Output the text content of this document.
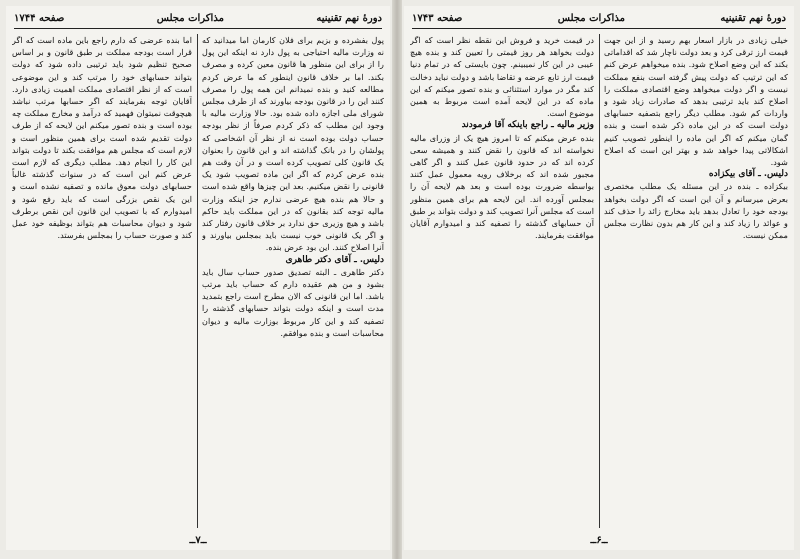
دورهٔ نهم تقنینیه
مذاکرات مجلس
صفحه ۱۷۴۴

پول بفشرده و بزیم برای فلان کارمان اما میدانید که نه وزارت مالیه احتیاجی به پول دارد نه اینکه این پول را از برای این منظور ها قانون معین کرده و مصرف بکند. اما بر خلاف قانون اینطور که ما عرض کردم مطالعه کنید و بنده نمیدانم این همه پول را مصرف کنند این را در قانون بودجه بیاورند که از طرف مجلس شورای ملی اجازه داده شده بود. حالا وزارت مالیه با وجود این مطلب که ذکر کردم صرفاً از نظر بودجه حساب دولت بوده است نه از نظر آن اشخاصی که پولشان را در بانک گذاشته اند و این قانون را بعنوان یک قانون کلی تصویب کرده است و در آن وقت هم بنده عرض کردم که اگر این ماده تصویب شود یک قانونی را نقض میکنیم. بعد این چیزها واقع شده است و حالا هم بنده هیچ عرضی ندارم جز اینکه وزارت مالیه توجه کند بقانون که در این مملکت باید حاکم باشد و هیچ وزیری حق ندارد بر خلاف قانون رفتار کند و اگر یک قانونی خوب نیست باید بمجلس بیاورند و آنرا اصلاح کنند. این بود عرض بنده.

دلیس. ـ آقای دکتر طاهری

دکتر طاهری ـ البته تصدیق صدور حساب سال باید بشود و من هم عقیده دارم که حساب باید مرتب باشد. اما این قانونی که الان مطرح است راجع بتمدید مدت است و اینکه دولت بتواند حسابهای گذشته را تصفیه کند و این کار مربوط بوزارت مالیه و دیوان محاسبات است و بنده موافقم.

اما بنده عرضی که دارم راجع باین ماده است که اگر قرار است بودجه مملکت بر طبق قانون و بر اساس صحیح تنظیم شود باید ترتیبی داده شود که دولت بتواند حسابهای خود را مرتب کند و این موضوعی است که از نظر اقتصادی مملکت اهمیت زیادی دارد. آقایان توجه بفرمایند که اگر حسابها مرتب نباشد هیچوقت نمیتوان فهمید که درآمد و مخارج مملکت چه بوده است و بنده تصور میکنم این لایحه که از طرف دولت تقدیم شده است برای همین منظور است و لازم است که مجلس هم موافقت بکند تا دولت بتواند این کار را انجام دهد. مطلب دیگری که لازم است عرض کنم این است که در سنوات گذشته غالباً حسابهای دولت معوق مانده و تصفیه نشده است و این یک نقص بزرگی است که باید رفع شود و امیدوارم که با تصویب این قانون این نقص برطرف شود و دیوان محاسبات هم بتواند بوظیفه خود عمل کند و صورت حساب را بمجلس بفرستد.

ــ۷ــ
دورهٔ نهم تقنینیه
مذاکرات مجلس
صفحه ۱۷۴۳

خیلی زیادی در بازار اسعار بهم رسید و از این جهت قیمت ارز ترقی کرد و بعد دولت ناچار شد که اقداماتی بکند که این وضع اصلاح شود. بنده میخواهم عرض کنم که این ترتیب که دولت پیش گرفته است بنفع مملکت نیست و اگر دولت میخواهد وضع اقتصادی مملکت را اصلاح کند باید ترتیبی بدهد که صادرات زیاد شود و واردات کم شود. مطلب دیگر راجع بتصفیه حسابهای دولت است که در این ماده ذکر شده است و بنده گمان میکنم که اگر این ماده را اینطور تصویب کنیم اشکالاتی پیدا خواهد شد و بهتر این است که اصلاح شود.

دلیس. ـ آقای بیکزاده

بیکزاده ـ بنده در این مسئله یک مطلب مختصری بعرض میرسانم و آن این است که اگر دولت بخواهد بودجه خود را تعادل بدهد باید مخارج زائد را حذف کند و عوائد را زیاد کند و این کار هم بدون نظارت مجلس ممکن نیست.

در قیمت خرید و فروش این نقطه نظر است که اگر دولت بخواهد هر روز قیمتی را تعیین کند و بنده هیچ عیبی در این کار نمیبینم. چون بایستی که در تمام دنیا قیمت ارز تابع عرضه و تقاضا باشد و دولت نباید دخالت کند مگر در موارد استثنائی و بنده تصور میکنم که این ماده که در این لایحه آمده است مربوط به همین موضوع است.

وزیر مالیه ـ راجع باینکه آقا فرمودند

بنده عرض میکنم که تا امروز هیچ یک از وزرای مالیه نخواسته اند که قانون را نقض کنند و همیشه سعی کرده اند که در حدود قانون عمل کنند و اگر گاهی مجبور شده اند که برخلاف رویه معمول عمل کنند بواسطه ضرورت بوده است و بعد هم لایحه آن را بمجلس آورده اند. این لایحه هم برای همین منظور است که مجلس آنرا تصویب کند و دولت بتواند بر طبق آن حسابهای گذشته را تصفیه کند و امیدوارم آقایان موافقت بفرمایند.

ــ۶ــ
